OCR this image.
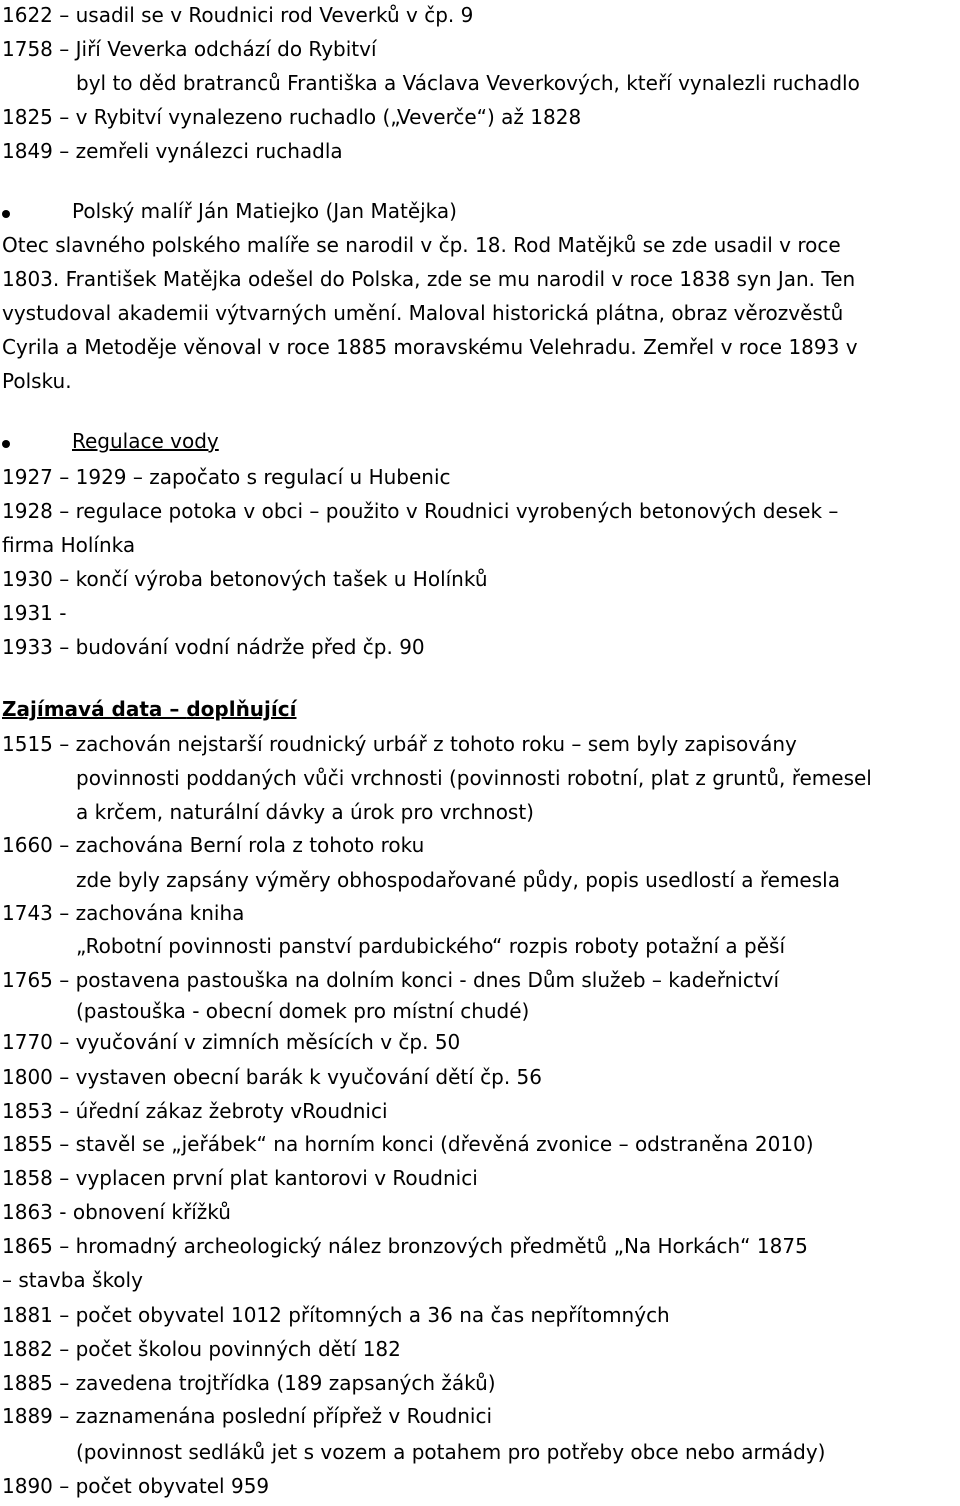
1622 – usadil se v Roudnici rod Veverků v čp. 9
1758 – Jiří Veverka odchází do Rybitví
byl to děd bratranců Františka a Václava Veverkových, kteří vynalezli ruchadlo
1825 – v Rybitví vynalezeno ruchadlo („Veverče“) až 1828
1849 – zemřeli vynálezci ruchadla
Polský malíř Ján Matiejko (Jan Matějka)
Otec slavného polského malíře se narodil v čp. 18. Rod Matějků se zde usadil v roce
1803. František Matějka odešel do Polska, zde se mu narodil v roce 1838 syn Jan. Ten
vystudoval akademii výtvarných umění. Maloval historická plátna, obraz věrozvěstů
Cyrila a Metoděje věnoval v roce 1885 moravskému Velehradu. Zemřel v roce 1893 v
Polsku.
Regulace vody
1927 – 1929 – započato s regulací u Hubenic
1928 – regulace potoka v obci – použito v Roudnici vyrobených betonových desek –
firma Holínka
1930 – končí výroba betonových tašek u Holínků
1931 -
1933 – budování vodní nádrže před čp. 90
Zajímavá data – doplňující
1515 – zachován nejstarší roudnický urbář z tohoto roku – sem byly zapisovány
povinnosti poddaných vůči vrchnosti (povinnosti robotní, plat z gruntů, řemesel
a krčem, naturální dávky a úrok pro vrchnost)
1660 – zachována Berní rola z tohoto roku
zde byly zapsány výměry obhospodařované půdy, popis usedlostí a řemesla
1743 – zachována kniha
„Robotní povinnosti panství pardubického“ rozpis roboty potažní a pěší
1765 – postavena pastouška na dolním konci - dnes Dům služeb – kadeřnictví
(pastouška - obecní domek pro místní chudé)
1770 – vyučování v zimních měsících v čp. 50
1800 – vystaven obecní barák k vyučování dětí čp. 56
1853 – úřední zákaz žebroty vRoudnici
1855 – stavěl se „jeřábek“ na horním konci (dřevěná zvonice – odstraněna 2010)
1858 – vyplacen první plat kantorovi v Roudnici
1863 - obnovení křížků
1865 – hromadný archeologický nález bronzových předmětů „Na Horkách“ 1875
– stavba školy
1881 – počet obyvatel 1012 přítomných a 36 na čas nepřítomných
1882 – počet školou povinných dětí 182
1885 – zavedena trojtřídka (189 zapsaných žáků)
1889 – zaznamenána poslední přípřež v Roudnici
(povinnost sedláků jet s vozem a potahem pro potřeby obce nebo armády)
1890 – počet obyvatel 959
